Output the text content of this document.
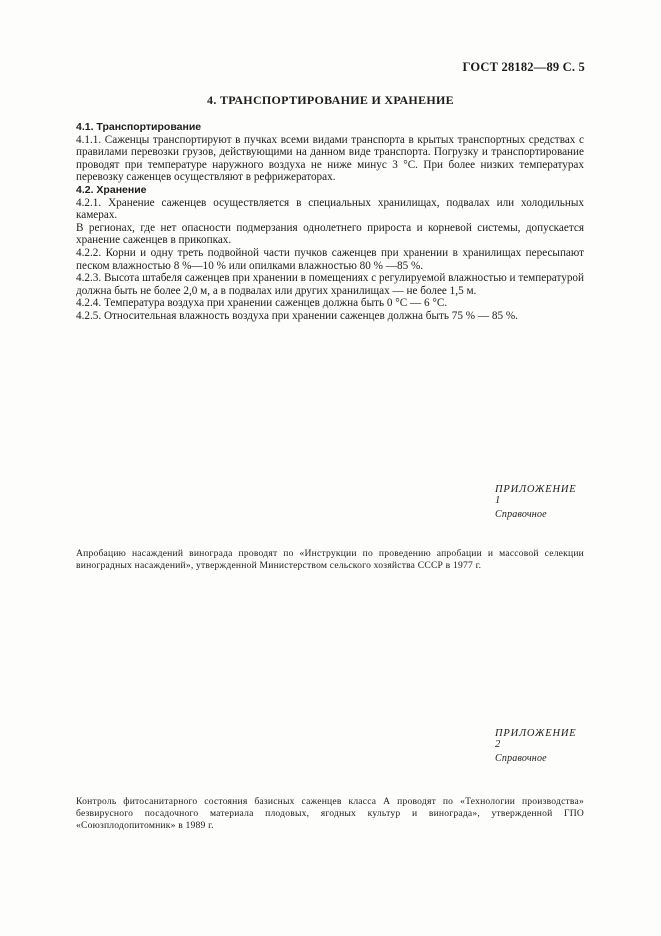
ГОСТ 28182—89 С. 5
4. ТРАНСПОРТИРОВАНИЕ И ХРАНЕНИЕ

4.1. Транспортирование

4.1.1. Саженцы транспортируют в пучках всеми видами транспорта в крытых транспортных средствах с правилами перевозки грузов, действующими на данном виде транспорта. Погрузку и транспортирование проводят при температуре наружного воздуха не ниже минус 3 °С. При более низких температурах перевозку саженцев осуществляют в рефрижераторах.

4.2. Хранение

4.2.1. Хранение саженцев осуществляется в специальных хранилищах, подвалах или холодильных камерах.

В регионах, где нет опасности подмерзания однолетнего прироста и корневой системы, допускается хранение саженцев в прикопках.

4.2.2. Корни и одну треть подвойной части пучков саженцев при хранении в хранилищах пересыпают песком влажностью 8 %—10 % или опилками влажностью 80 % —85 %.

4.2.3. Высота штабеля саженцев при хранении в помещениях с регулируемой влажностью и температурой должна быть не более 2,0 м, а в подвалах или других хранилищах — не более 1,5 м.

4.2.4. Температура воздуха при хранении саженцев должна быть 0 °С — 6 °С.

4.2.5. Относительная влажность воздуха при хранении саженцев должна быть 75 % — 85 %.

ПРИЛОЖЕНИЕ 1
Справочное
Апробацию насаждений винограда проводят по «Инструкции по проведению апробации и массовой селекции виноградных насаждений», утвержденной Министерством сельского хозяйства СССР в 1977 г.
ПРИЛОЖЕНИЕ 2
Справочное
Контроль фитосанитарного состояния базисных саженцев класса А проводят по «Технологии производства» безвирусного посадочного материала плодовых, ягодных культур и винограда», утвержденной ГПО «Союзплодопитомник» в 1989 г.
